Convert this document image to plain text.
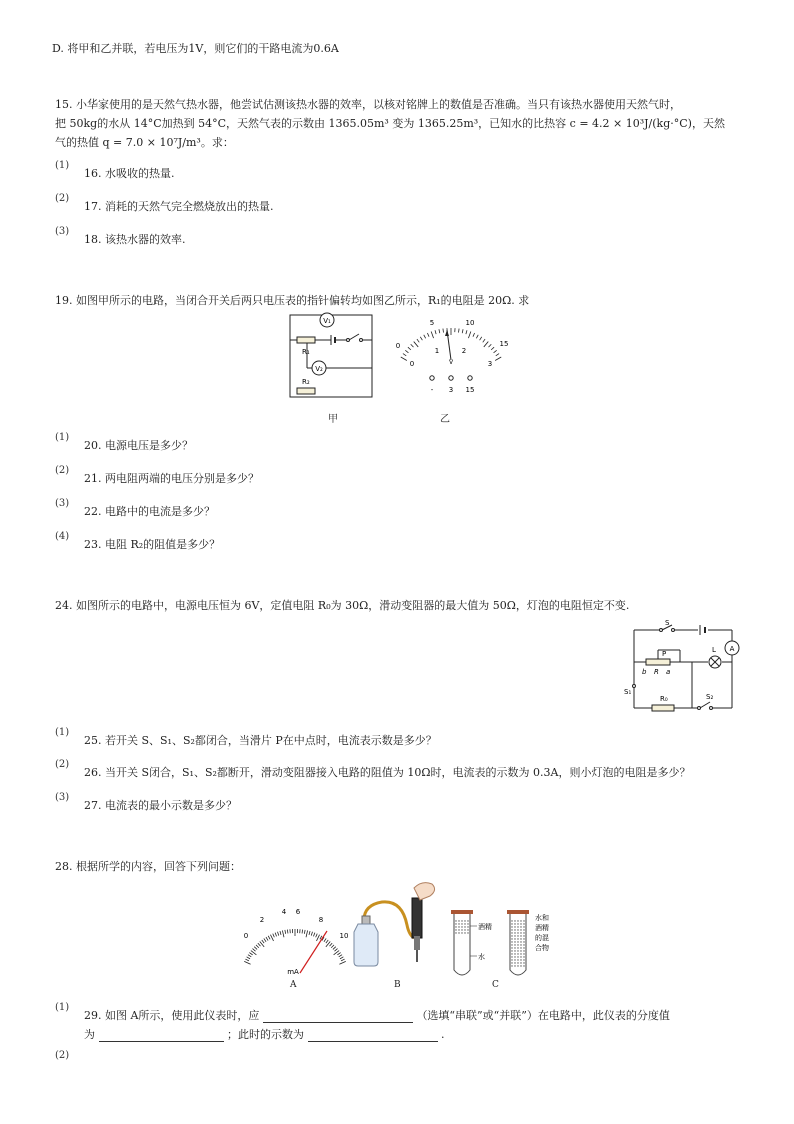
D. 将甲和乙并联，若电压为1V，则它们的干路电流为0.6A
15. 小华家使用的是天然气热水器，他尝试估测该热水器的效率，以核对铭牌上的数值是否准确。当只有该热水器使用天然气时，
把 50kg的水从 14°C加热到 54°C，天然气表的示数由 1365.05m³ 变为 1365.25m³，已知水的比热容 c = 4.2 × 10³J/(kg·°C)，天然
气的热值 q = 7.0 × 10⁷J/m³。求：
(1)
16. 水吸收的热量.
(2)
17. 消耗的天然气完全燃烧放出的热量.
(3)
18. 该热水器的效率.
19. 如图甲所示的电路，当闭合开关后两只电压表的指针偏转均如图乙所示，R₁的电阻是 20Ω. 求
V₁
R₁
V₂
R₂
甲
5	10
0	15
0
1	2
3
V
- 3 15
乙
(1)
20. 电源电压是多少？
(2)
21. 两电阻两端的电压分别是多少？
(3)
22. 电路中的电流是多少？
(4)
23. 电阻 R₂的阻值是多少？
24. 如图所示的电路中，电源电压恒为 6V，定值电阻 R₀为 30Ω，滑动变阻器的最大值为 50Ω，灯泡的电阻恒定不变.
S
A
P
b R a
L
S₁
R₀	S₂
(1)
25. 若开关 S、S₁、S₂都闭合，当滑片 P在中点时，电流表示数是多少？
(2)
26. 当开关 S闭合，S₁、S₂都断开，滑动变阻器接入电路的阻值为 10Ω时，电流表的示数为 0.3A，则小灯泡的电阻是多少？
(3)
27. 电流表的最小示数是多少？
28. 根据所学的内容，回答下列问题：
0
2
4 6
8
10
mA
A	B
酒精
水
水和
酒精
的混
合物
C
(1)
29. 如图 A所示，使用此仪表时，应	（选填“串联”或“并联”）在电路中，此仪表的分度值
为	；此时的示数为	.
(2)
